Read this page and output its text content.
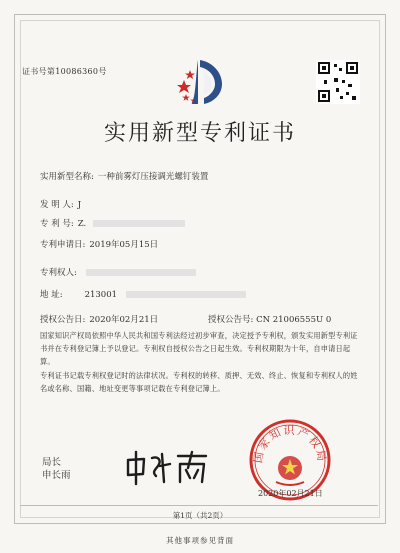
证书号第10086360号
实用新型专利证书
实用新型名称: 一种前雾灯压接调光螺钉装置
发 明 人: J
专 利 号: Z.
专利申请日: 2019年05月15日
专利权人:
地 址:	213001
授权公告日: 2020年02月21日	授权公告号: CN 21006555U 0
国家知识产权局依照中华人民共和国专利法经过初步审查，决定授予专利权，颁发实用新型专利证书并在专利登记簿上予以登记。专利权自授权公告之日起生效。专利权期限为十年，自申请日起算。
专利证书记载专利权登记时的法律状况。专利权的转移、质押、无效、终止、恢复和专利权人的姓名或名称、国籍、地址变更等事项记载在专利登记簿上。
局长
申长雨
国家知识产权局
2020年02月21日
第1页（共2页）
其他事项参见背面
